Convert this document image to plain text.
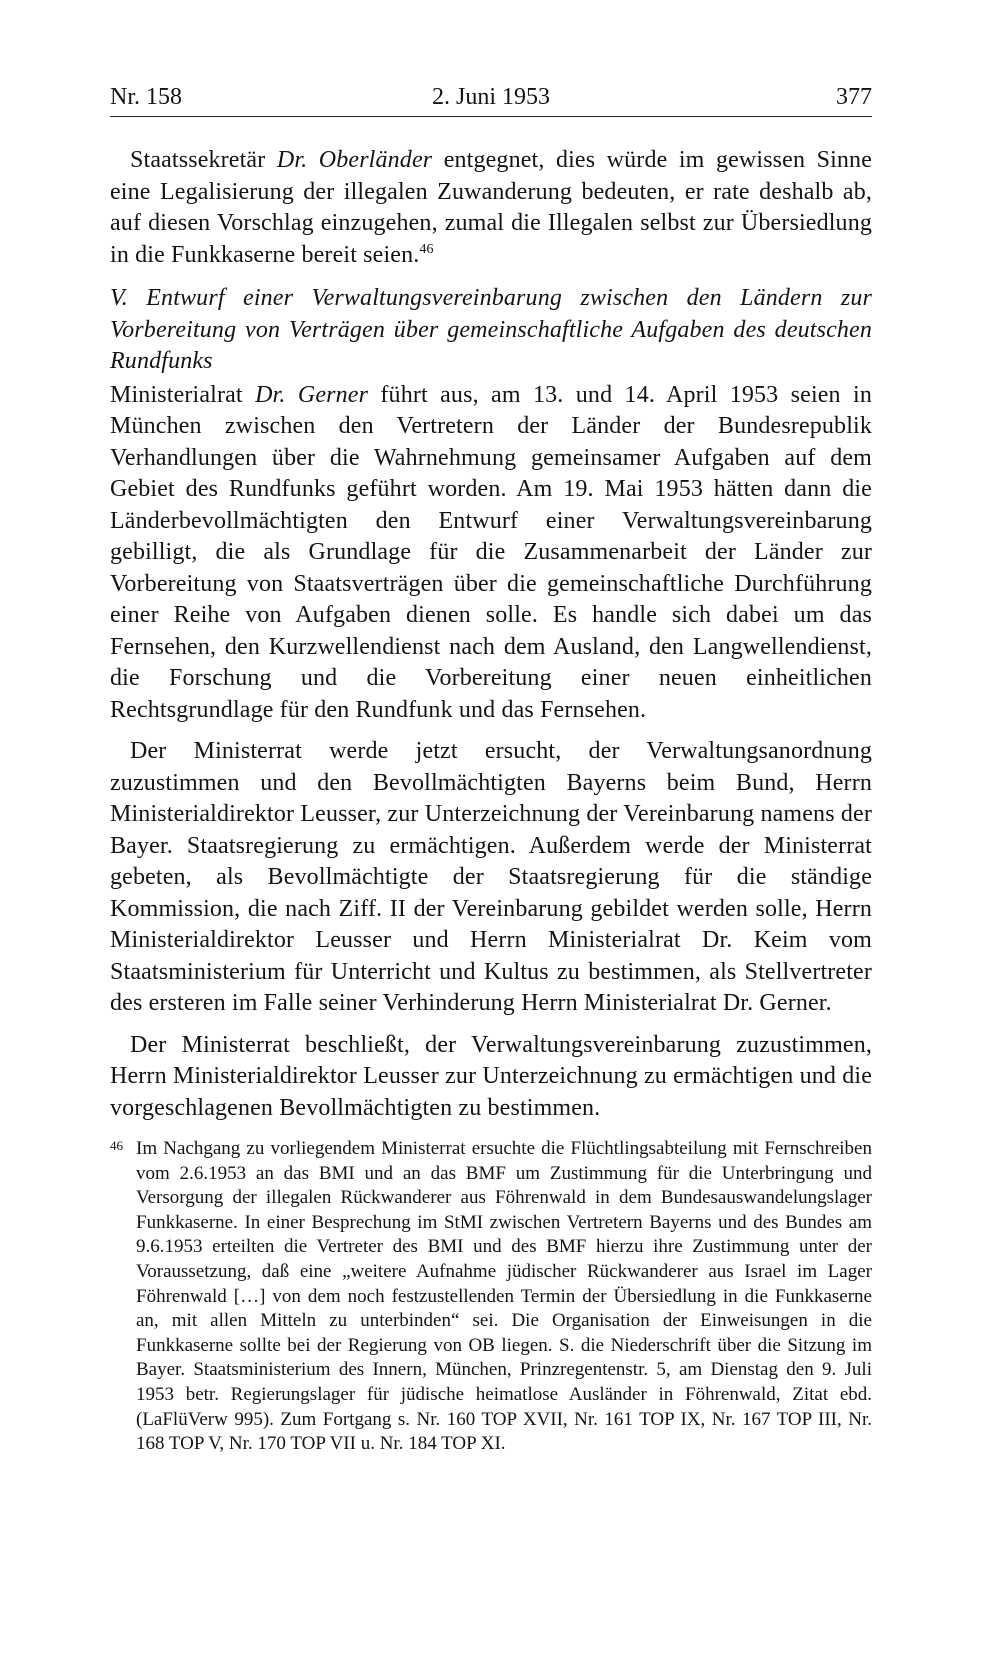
Nr. 158	2. Juni 1953	377

Staatssekretär Dr. Oberländer entgegnet, dies würde im gewissen Sinne eine Legalisierung der illegalen Zuwanderung bedeuten, er rate deshalb ab, auf diesen Vorschlag einzugehen, zumal die Illegalen selbst zur Übersiedlung in die Funkkaserne bereit seien.$^{46}$

V. Entwurf einer Verwaltungsvereinbarung zwischen den Ländern zur Vorbereitung von Verträgen über gemeinschaftliche Aufgaben des deutschen Rundfunks

Ministerialrat Dr. Gerner führt aus, am 13. und 14. April 1953 seien in München zwischen den Vertretern der Länder der Bundesrepublik Verhandlungen über die Wahrnehmung gemeinsamer Aufgaben auf dem Gebiet des Rundfunks geführt worden. Am 19. Mai 1953 hätten dann die Länderbevollmächtigten den Entwurf einer Verwaltungsvereinbarung gebilligt, die als Grundlage für die Zusammenarbeit der Länder zur Vorbereitung von Staatsverträgen über die gemeinschaftliche Durchführung einer Reihe von Aufgaben dienen solle. Es handle sich dabei um das Fernsehen, den Kurzwellendienst nach dem Ausland, den Langwellendienst, die Forschung und die Vorbereitung einer neuen einheitlichen Rechtsgrundlage für den Rundfunk und das Fernsehen.

Der Ministerrat werde jetzt ersucht, der Verwaltungsanordnung zuzustimmen und den Bevollmächtigten Bayerns beim Bund, Herrn Ministerialdirektor Leusser, zur Unterzeichnung der Vereinbarung namens der Bayer. Staatsregierung zu ermächtigen. Außerdem werde der Ministerrat gebeten, als Bevollmächtigte der Staatsregierung für die ständige Kommission, die nach Ziff. II der Vereinbarung gebildet werden solle, Herrn Ministerialdirektor Leusser und Herrn Ministerialrat Dr. Keim vom Staatsministerium für Unterricht und Kultus zu bestimmen, als Stellvertreter des ersteren im Falle seiner Verhinderung Herrn Ministerialrat Dr. Gerner.

Der Ministerrat beschließt, der Verwaltungsvereinbarung zuzustimmen, Herrn Ministerialdirektor Leusser zur Unterzeichnung zu ermächtigen und die vorgeschlagenen Bevollmächtigten zu bestimmen.

46 Im Nachgang zu vorliegendem Ministerrat ersuchte die Flüchtlingsabteilung mit Fernschreiben vom 2.6.1953 an das BMI und an das BMF um Zustimmung für die Unterbringung und Versorgung der illegalen Rückwanderer aus Föhrenwald in dem Bundesauswandelungslager Funkkaserne. In einer Besprechung im StMI zwischen Vertretern Bayerns und des Bundes am 9.6.1953 erteilten die Vertreter des BMI und des BMF hierzu ihre Zustimmung unter der Voraussetzung, daß eine „weitere Aufnahme jüdischer Rückwanderer aus Israel im Lager Föhrenwald […] von dem noch festzustellenden Termin der Übersiedlung in die Funkkaserne an, mit allen Mitteln zu unterbinden“ sei. Die Organisation der Einweisungen in die Funkkaserne sollte bei der Regierung von OB liegen. S. die Niederschrift über die Sitzung im Bayer. Staatsministerium des Innern, München, Prinzregentenstr. 5, am Dienstag den 9. Juli 1953 betr. Regierungslager für jüdische heimatlose Ausländer in Föhrenwald, Zitat ebd. (LaFlüVerw 995). Zum Fortgang s. Nr. 160 TOP XVII, Nr. 161 TOP IX, Nr. 167 TOP III, Nr. 168 TOP V, Nr. 170 TOP VII u. Nr. 184 TOP XI.
